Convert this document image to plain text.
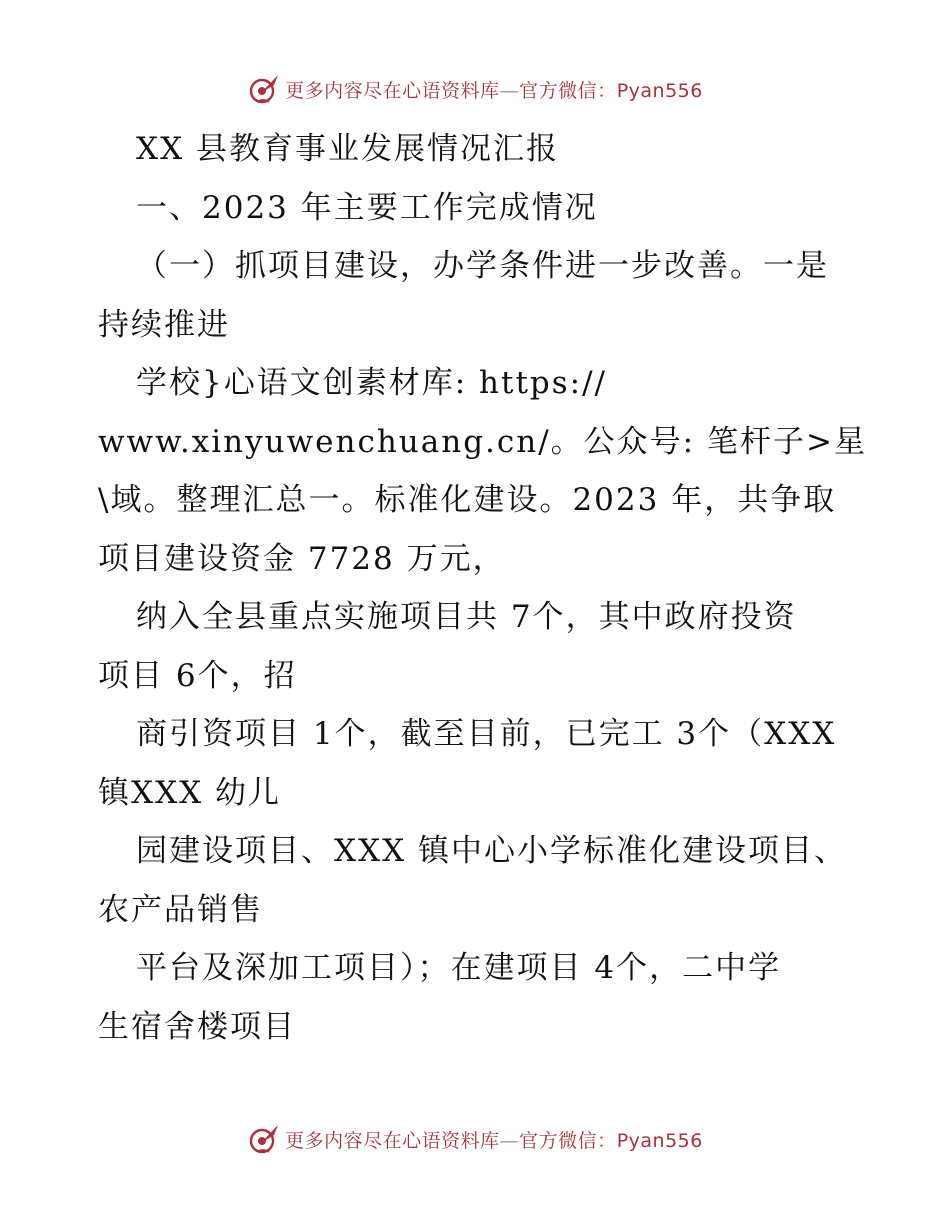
更多内容尽在心语资料库—官方微信：Pyan556
XX 县教育事业发展情况汇报
一、2023 年主要工作完成情况
（一）抓项目建设，办学条件进一步改善。一是
持续推进
学校}心语文创素材库: https://
www.xinyuwenchuang.cn/。公众号: 笔杆子>星
\域。整理汇总一。标准化建设。2023 年，共争取
项目建设资金 7728 万元，
纳入全县重点实施项目共 7个，其中政府投资
项目 6个，招
商引资项目 1个，截至目前，已完工 3个（XXX
镇XXX 幼儿
园建设项目、XXX 镇中心小学标准化建设项目、
农产品销售
平台及深加工项目）；在建项目 4个，二中学
生宿舍楼项目
更多内容尽在心语资料库—官方微信：Pyan556
